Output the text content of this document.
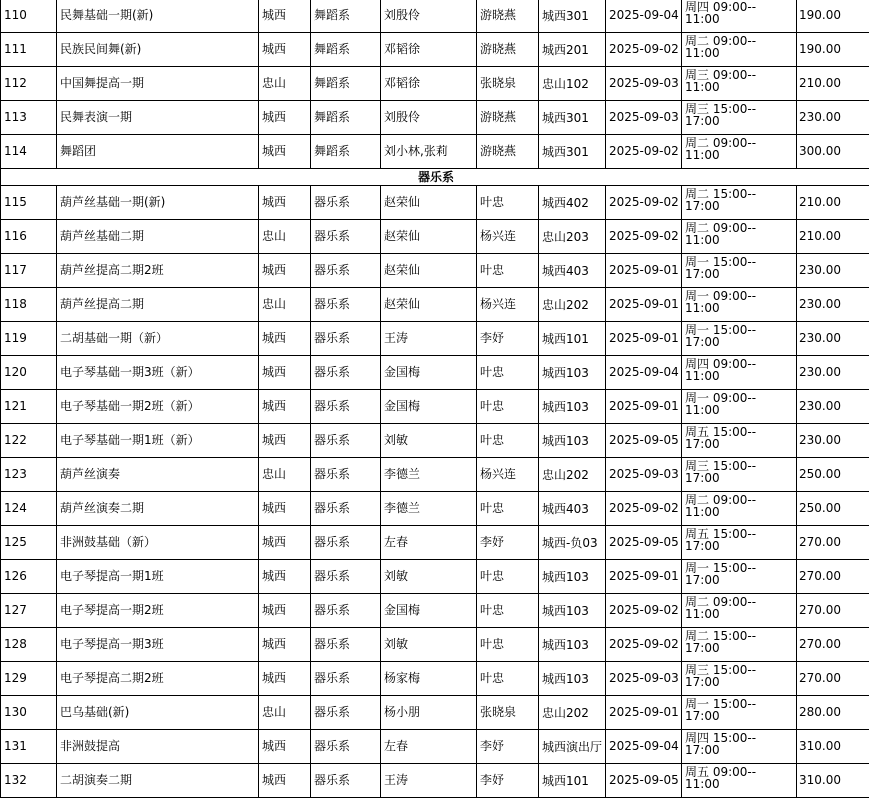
110	民舞基础一期(新)	城西	舞蹈系	刘殷伶	游晓燕	城西301	2025-09-04	周四 09:00--
11:00	190.00
111	民族民间舞(新)	城西	舞蹈系	邓韬徐	游晓燕	城西201	2025-09-02	周二 09:00--
11:00	190.00
112	中国舞提高一期	忠山	舞蹈系	邓韬徐	张晓泉	忠山102	2025-09-03	周三 09:00--
11:00	210.00
113	民舞表演一期	城西	舞蹈系	刘殷伶	游晓燕	城西301	2025-09-03	周三 15:00--
17:00	230.00
114	舞蹈团	城西	舞蹈系	刘小林,张莉	游晓燕	城西301	2025-09-02	周二 09:00--
11:00	300.00
器乐系									
115	葫芦丝基础一期(新)	城西	器乐系	赵荣仙	叶忠	城西402	2025-09-02	周二 15:00--
17:00	210.00
116	葫芦丝基础二期	忠山	器乐系	赵荣仙	杨兴连	忠山203	2025-09-02	周二 09:00--
11:00	210.00
117	葫芦丝提高二期2班	城西	器乐系	赵荣仙	叶忠	城西403	2025-09-01	周一 15:00--
17:00	230.00
118	葫芦丝提高二期	忠山	器乐系	赵荣仙	杨兴连	忠山202	2025-09-01	周一 09:00--
11:00	230.00
119	二胡基础一期（新）	城西	器乐系	王涛	李妤	城西101	2025-09-01	周一 15:00--
17:00	230.00
120	电子琴基础一期3班（新）	城西	器乐系	金国梅	叶忠	城西103	2025-09-04	周四 09:00--
11:00	230.00
121	电子琴基础一期2班（新）	城西	器乐系	金国梅	叶忠	城西103	2025-09-01	周一 09:00--
11:00	230.00
122	电子琴基础一期1班（新）	城西	器乐系	刘敏	叶忠	城西103	2025-09-05	周五 15:00--
17:00	230.00
123	葫芦丝演奏	忠山	器乐系	李德兰	杨兴连	忠山202	2025-09-03	周三 15:00--
17:00	250.00
124	葫芦丝演奏二期	城西	器乐系	李德兰	叶忠	城西403	2025-09-02	周二 09:00--
11:00	250.00
125	非洲鼓基础（新）	城西	器乐系	左春	李妤	城西-负03	2025-09-05	周五 15:00--
17:00	270.00
126	电子琴提高一期1班	城西	器乐系	刘敏	叶忠	城西103	2025-09-01	周一 15:00--
17:00	270.00
127	电子琴提高一期2班	城西	器乐系	金国梅	叶忠	城西103	2025-09-02	周二 09:00--
11:00	270.00
128	电子琴提高一期3班	城西	器乐系	刘敏	叶忠	城西103	2025-09-02	周二 15:00--
17:00	270.00
129	电子琴提高二期2班	城西	器乐系	杨家梅	叶忠	城西103	2025-09-03	周三 15:00--
17:00	270.00
130	巴乌基础(新)	忠山	器乐系	杨小朋	张晓泉	忠山202	2025-09-01	周一 15:00--
17:00	280.00
131	非洲鼓提高	城西	器乐系	左春	李妤	城西演出厅	2025-09-04	周四 15:00--
17:00	310.00
132	二胡演奏二期	城西	器乐系	王涛	李妤	城西101	2025-09-05	周五 09:00--
11:00	310.00
